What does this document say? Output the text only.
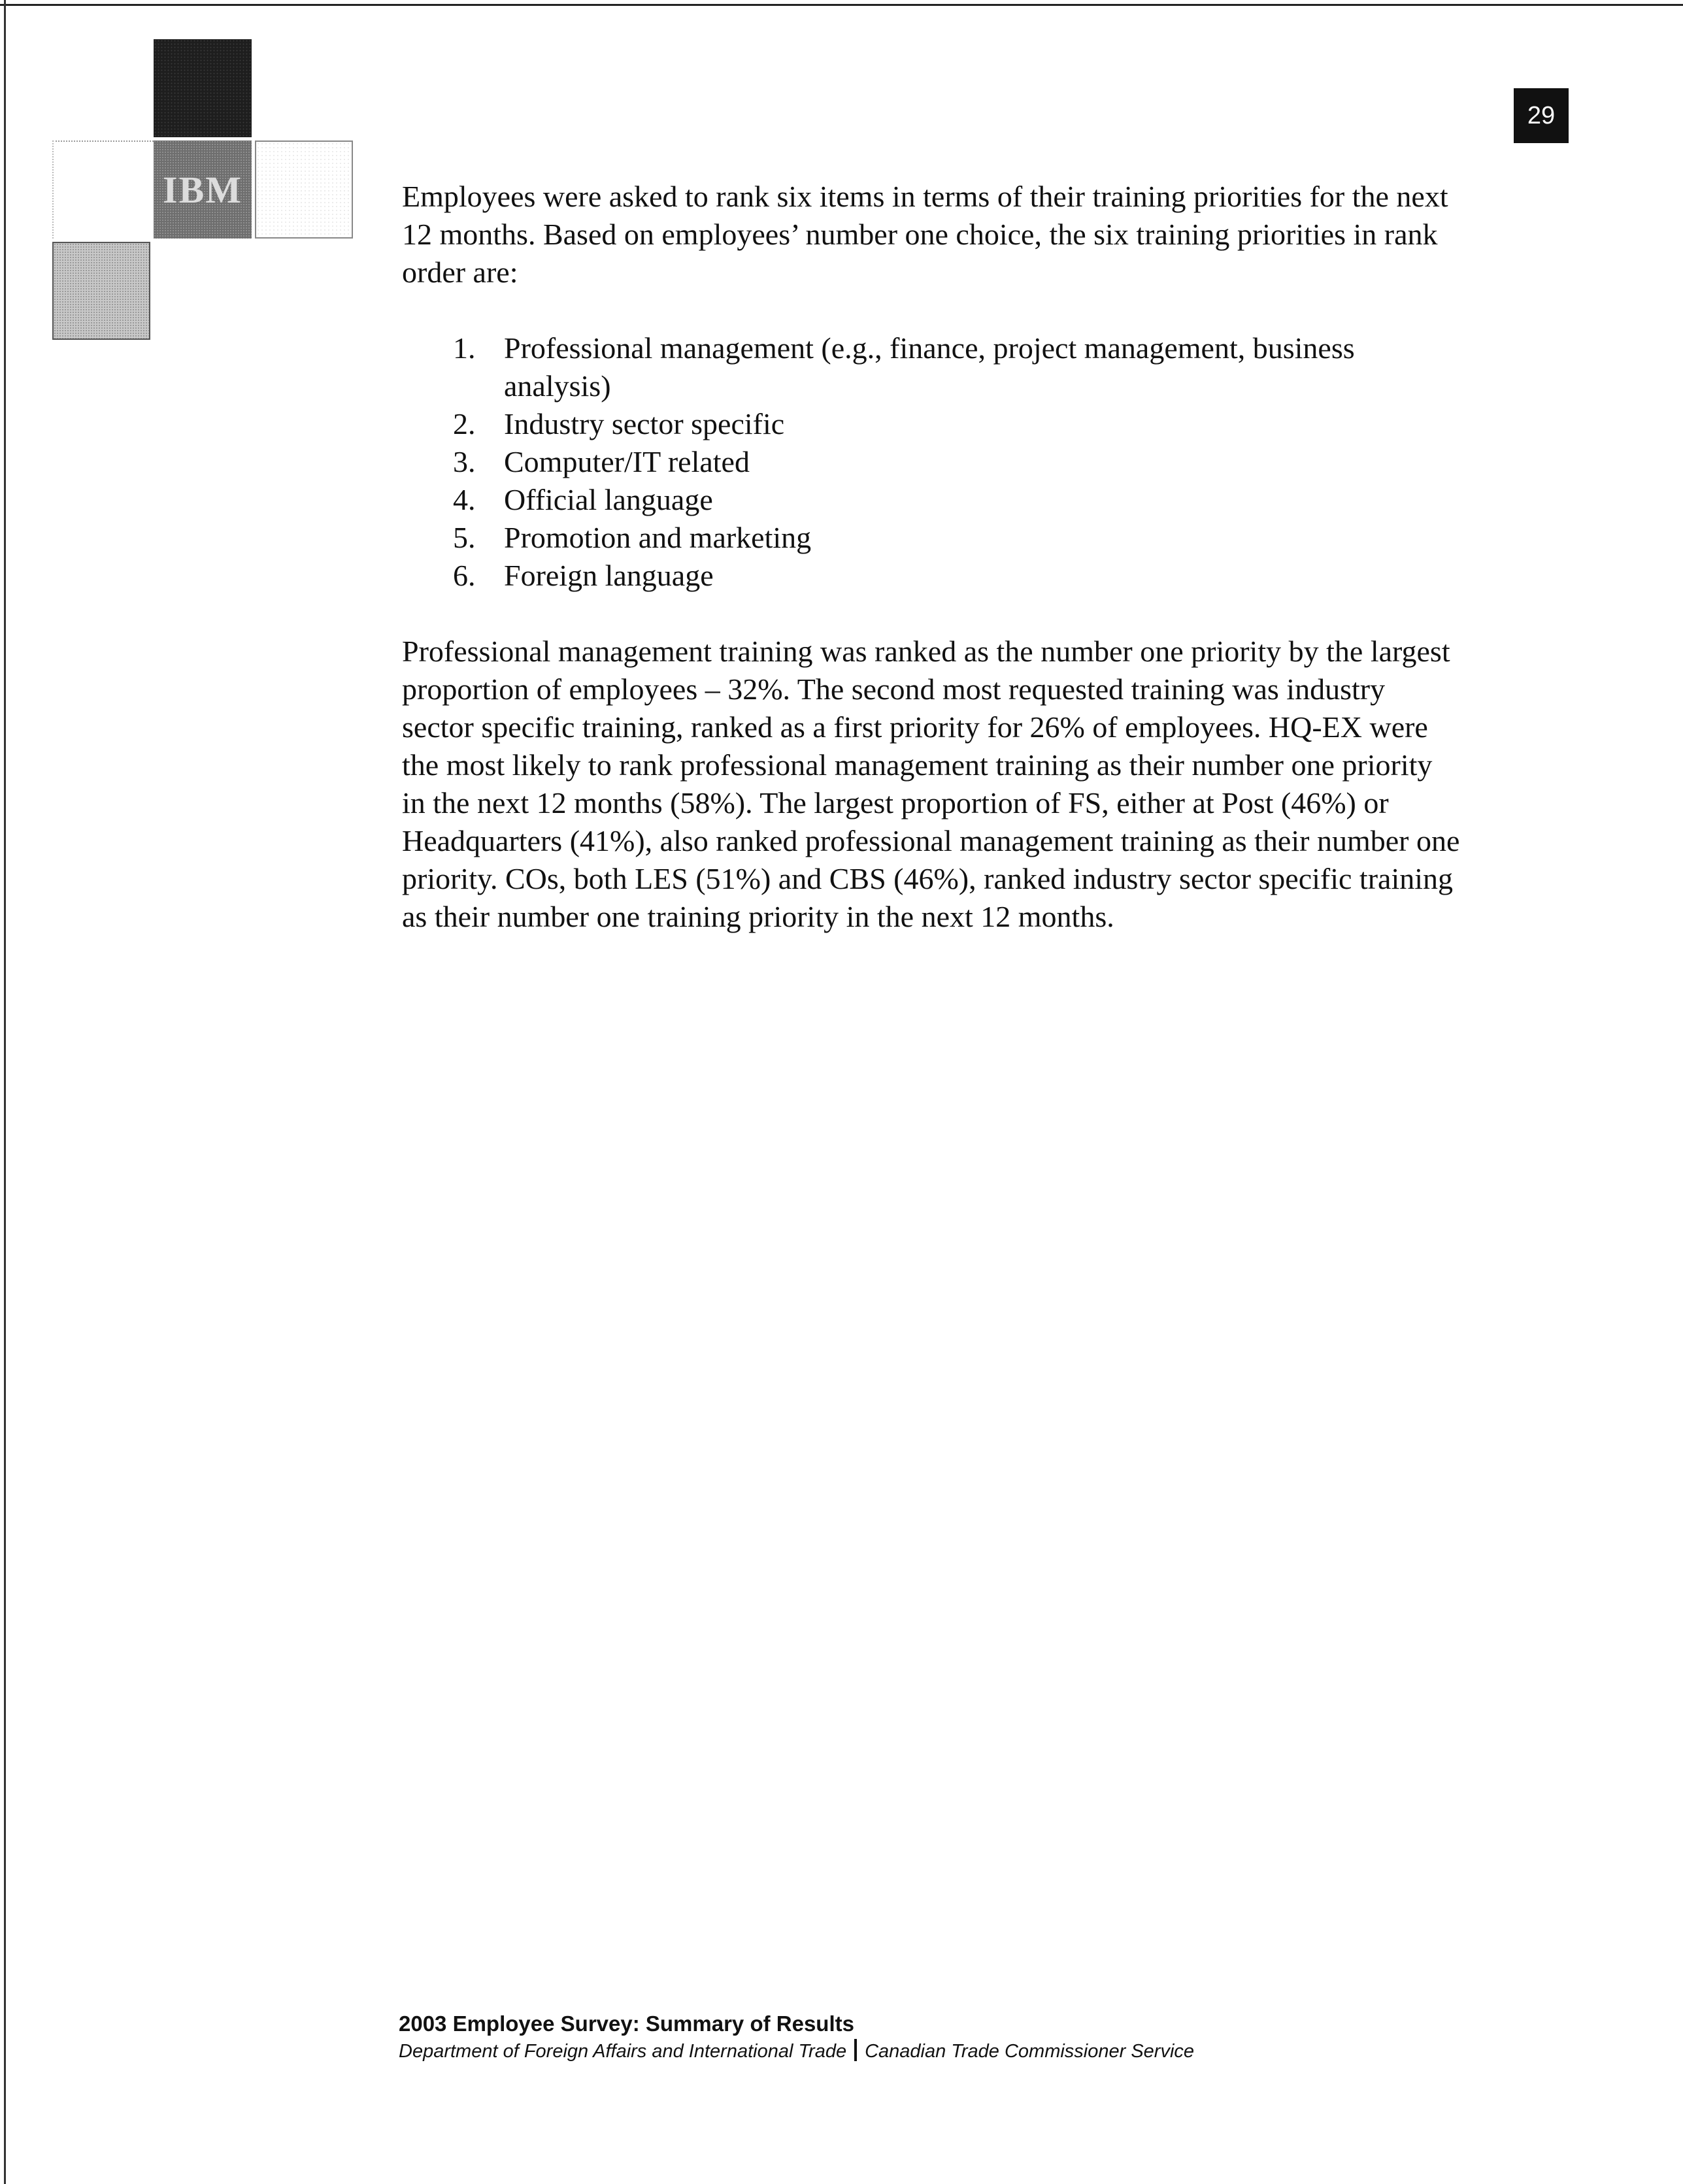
IBM
29

Employees were asked to rank six items in terms of their training priorities for the next 12 months. Based on employees’ number one choice, the six training priorities in rank order are:

1. Professional management (e.g., finance, project management, business analysis)
2. Industry sector specific
3. Computer/IT related
4. Official language
5. Promotion and marketing
6. Foreign language

Professional management training was ranked as the number one priority by the largest proportion of employees – 32%. The second most requested training was industry sector specific training, ranked as a first priority for 26% of employees. HQ-EX were the most likely to rank professional management training as their number one priority in the next 12 months (58%). The largest proportion of FS, either at Post (46%) or Headquarters (41%), also ranked professional management training as their number one priority. COs, both LES (51%) and CBS (46%), ranked industry sector specific training as their number one training priority in the next 12 months.

2003 Employee Survey: Summary of Results
Department of Foreign Affairs and International Trade Canadian Trade Commissioner Service
